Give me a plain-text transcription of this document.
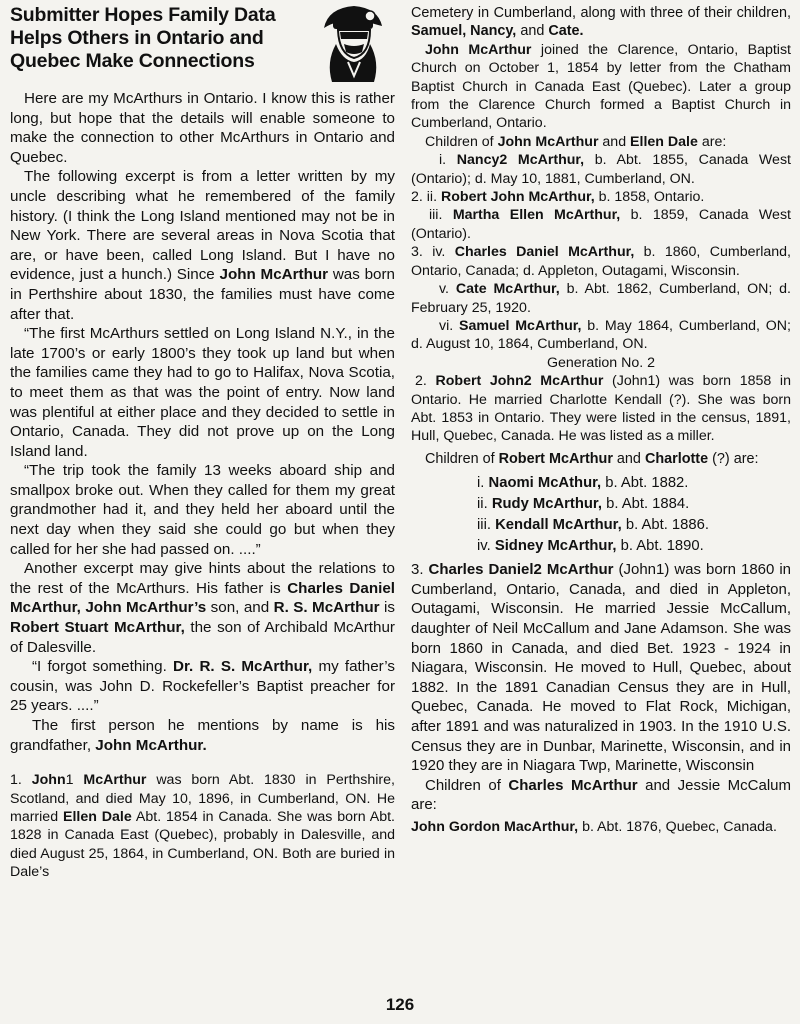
Submitter Hopes Family Data
Helps Others in Ontario and
Quebec Make Connections

Here are my McArthurs in Ontario. I know this is rather long, but hope that the details will enable someone to make the connection to other McArthurs in Ontario and Quebec.

The following excerpt is from a letter written by my uncle describing what he remembered of the family history. (I think the Long Island mentioned may not be in New York. There are several areas in Nova Scotia that are, or have been, called Long Island. But I have no evidence, just a hunch.) Since John McArthur was born in Perthshire about 1830, the families must have come after that.

“The first McArthurs settled on Long Island N.Y., in the late 1700’s or early 1800’s they took up land but when the families came they had to go to Halifax, Nova Scotia, to meet them as that was the point of entry. Now land was plentiful at either place and they decided to settle in Ontario, Canada. They did not prove up on the Long Island land.

“The trip took the family 13 weeks aboard ship and smallpox broke out. When they called for them my great grandmother had it, and they held her aboard until the next day when they said she could go but when they called for her she had passed on. ....”

Another excerpt may give hints about the relations to the rest of the McArthurs. His father is Charles Daniel McArthur, John McArthur’s son, and R. S. McArthur is Robert Stuart McArthur, the son of Archibald McArthur of Dalesville.

“I forgot something. Dr. R. S. McArthur, my father’s cousin, was John D. Rockefeller’s Baptist preacher for 25 years. ....”

The first person he mentions by name is his grandfather, John McArthur.

1. John1 McArthur was born Abt. 1830 in Perthshire, Scotland, and died May 10, 1896, in Cumberland, ON. He married Ellen Dale Abt. 1854 in Canada. She was born Abt. 1828 in Canada East (Quebec), probably in Dalesville, and died August 25, 1864, in Cumberland, ON. Both are buried in Dale’s

Cemetery in Cumberland, along with three of their children, Samuel, Nancy, and Cate.

John McArthur joined the Clarence, Ontario, Baptist Church on October 1, 1854 by letter from the Chatham Baptist Church in Canada East (Quebec). Later a group from the Clarence Church formed a Baptist Church in Cumberland, Ontario.

Children of John McArthur and Ellen Dale are:

i. Nancy2 McArthur, b. Abt. 1855, Canada West (Ontario); d. May 10, 1881, Cumberland, ON.

2. ii. Robert John McArthur, b. 1858, Ontario.

iii. Martha Ellen McArthur, b. 1859, Canada West (Ontario).

3. iv. Charles Daniel McArthur, b. 1860, Cumberland, Ontario, Canada; d. Appleton, Outagami, Wisconsin.

v. Cate McArthur, b. Abt. 1862, Cumberland, ON; d. February 25, 1920.

vi. Samuel McArthur, b. May 1864, Cumberland, ON; d. August 10, 1864, Cumberland, ON.

Generation No. 2

2. Robert John2 McArthur (John1) was born 1858 in Ontario. He married Charlotte Kendall (?). She was born Abt. 1853 in Ontario. They were listed in the census, 1891, Hull, Quebec, Canada. He was listed as a miller.

Children of Robert McArthur and Charlotte (?) are:

i. Naomi McAthur, b. Abt. 1882.

ii. Rudy McArthur, b. Abt. 1884.

iii. Kendall McArthur, b. Abt. 1886.

iv. Sidney McArthur, b. Abt. 1890.

3. Charles Daniel2 McArthur (John1) was born 1860 in Cumberland, Ontario, Canada, and died in Appleton, Outagami, Wisconsin. He married Jessie McCallum, daughter of Neil McCallum and Jane Adamson. She was born 1860 in Canada, and died Bet. 1923 - 1924 in Niagara, Wisconsin. He moved to Hull, Quebec, about 1882. In the 1891 Canadian Census they are in Hull, Quebec, Canada. He moved to Flat Rock, Michigan, after 1891 and was naturalized in 1903. In the 1910 U.S. Census they are in Dunbar, Marinette, Wisconsin, and in 1920 they are in Niagara Twp, Marinette, Wisconsin

Children of Charles McArthur and Jessie McCalum are:

John Gordon MacArthur, b. Abt. 1876, Quebec, Canada.

126
